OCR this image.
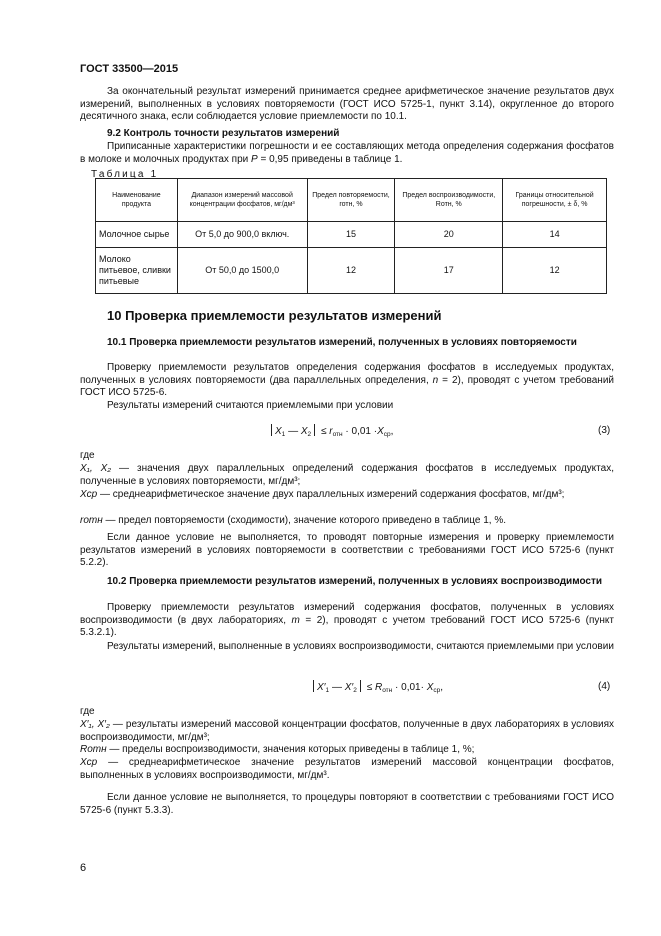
ГОСТ 33500—2015
За окончательный результат измерений принимается среднее арифметическое значение результатов двух измерений, выполненных в условиях повторяемости (ГОСТ ИСО 5725-1, пункт 3.14), округленное до второго десятичного знака, если соблюдается условие приемлемости по 10.1.
9.2 Контроль точности результатов измерений
Приписанные характеристики погрешности и ее составляющих метода определения содержания фосфатов в молоке и молочных продуктах при P = 0,95 приведены в таблице 1.
Таблица 1
Наименование продукта	Диапазон измерений массовой концентрации фосфатов, мг/дм³	Предел повторяемости, rотн, %	Предел воспроизводимости, Rотн, %	Границы относительной погрешности, ± δ, %
Молочное сырье	От 5,0 до 900,0 включ.	15	20	14
Молоко питьевое, сливки питьевые	От 50,0 до 1500,0	12	17	12
10 Проверка приемлемости результатов измерений
10.1 Проверка приемлемости результатов измерений, полученных в условиях повторяемости
Проверку приемлемости результатов определения содержания фосфатов в исследуемых продуктах, полученных в условиях повторяемости (два параллельных определения, n = 2), проводят с учетом требований ГОСТ ИСО 5725-6.
Результаты измерений считаются приемлемыми при условии
$X_1$ — $X_2 \le r_{отн} \cdot 0,01 \cdot X_{ср}$,	(3)
где
X₁, X₂ — значения двух параллельных определений содержания фосфатов в исследуемых продуктах, полученные в условиях повторяемости, мг/дм³;
Xср — среднеарифметическое значение двух параллельных измерений содержания фосфатов, мг/дм³;
rотн — предел повторяемости (сходимости), значение которого приведено в таблице 1, %.
Если данное условие не выполняется, то проводят повторные измерения и проверку приемлемости результатов измерений в условиях повторяемости в соответствии с требованиями ГОСТ ИСО 5725-6 (пункт 5.2.2).
10.2 Проверка приемлемости результатов измерений, полученных в условиях воспроизводимости
Проверку приемлемости результатов измерений содержания фосфатов, полученных в условиях воспроизводимости (в двух лабораториях, m = 2), проводят с учетом требований ГОСТ ИСО 5725-6 (пункт 5.3.2.1).
Результаты измерений, выполненные в условиях воспроизводимости, считаются приемлемыми при условии
$X'_1$ — $X'_2 \le R_{отн} \cdot 0,01\cdot X_{ср}$,	(4)
где
X′₁, X′₂ — результаты измерений массовой концентрации фосфатов, полученные в двух лабораториях в условиях воспроизводимости, мг/дм³;
Rотн — пределы воспроизводимости, значения которых приведены в таблице 1, %;
Xср — среднеарифметическое значение результатов измерений массовой концентрации фосфатов, выполненных в условиях воспроизводимости, мг/дм³.
Если данное условие не выполняется, то процедуры повторяют в соответствии с требованиями ГОСТ ИСО 5725-6 (пункт 5.3.3).
6
